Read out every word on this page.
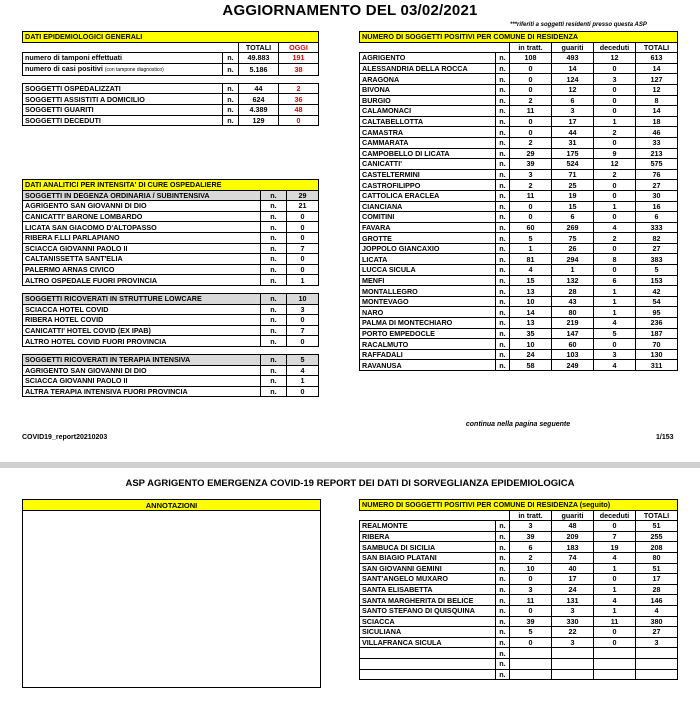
AGGIORNAMENTO DEL 03/02/2021
***riferiti a soggetti residenti presso questa ASP
DATI EPIDEMIOLOGICI GENERALI			
		TOTALI	OGGI
numero di tamponi effettuati	n.	49.883	191
numero di casi positivi (con tampone diagnostico)	n.	5.186	38

SOGGETTI OSPEDALIZZATI	n.	44	2
SOGGETTI ASSISTITI A DOMICILIO	n.	624	36
SOGGETTI GUARITI	n.	4.389	48
SOGGETTI DECEDUTI	n.	129	0
DATI ANALITICI PER INTENSITA' DI CURE OSPEDALIERE		
SOGGETTI IN DEGENZA ORDINARIA / SUBINTENSIVA	n.	29
AGRIGENTO SAN GIOVANNI DI DIO	n.	21
CANICATTI' BARONE LOMBARDO	n.	0
LICATA SAN GIACOMO D'ALTOPASSO	n.	0
RIBERA F.LLI PARLAPIANO	n.	0
SCIACCA GIOVANNI PAOLO II	n.	7
CALTANISSETTA SANT'ELIA	n.	0
PALERMO ARNAS CIVICO	n.	0
ALTRO OSPEDALE FUORI PROVINCIA	n.	1

SOGGETTI RICOVERATI IN STRUTTURE LOWCARE	n.	10
SCIACCA HOTEL COVID	n.	3
RIBERA HOTEL COVID	n.	0
CANICATTI' HOTEL COVID (EX IPAB)	n.	7
ALTRO HOTEL COVID FUORI PROVINCIA	n.	0

SOGGETTI RICOVERATI IN TERAPIA INTENSIVA	n.	5
AGRIGENTO SAN GIOVANNI DI DIO	n.	4
SCIACCA GIOVANNI PAOLO II	n.	1
ALTRA TERAPIA INTENSIVA FUORI PROVINCIA	n.	0
COVID19_report20210203	1/153
NUMERO DI SOGGETTI POSITIVI PER COMUNE DI RESIDENZA					
		in tratt.	guariti	deceduti	TOTALI
AGRIGENTO	n.	108	493	12	613
ALESSANDRIA DELLA ROCCA	n.	0	14	0	14
ARAGONA	n.	0	124	3	127
BIVONA	n.	0	12	0	12
BURGIO	n.	2	6	0	8
CALAMONACI	n.	11	3	0	14
CALTABELLOTTA	n.	0	17	1	18
CAMASTRA	n.	0	44	2	46
CAMMARATA	n.	2	31	0	33
CAMPOBELLO DI LICATA	n.	29	175	9	213
CANICATTI'	n.	39	524	12	575
CASTELTERMINI	n.	3	71	2	76
CASTROFILIPPO	n.	2	25	0	27
CATTOLICA ERACLEA	n.	11	19	0	30
CIANCIANA	n.	0	15	1	16
COMITINI	n.	0	6	0	6
FAVARA	n.	60	269	4	333
GROTTE	n.	5	75	2	82
JOPPOLO GIANCAXIO	n.	1	26	0	27
LICATA	n.	81	294	8	383
LUCCA SICULA	n.	4	1	0	5
MENFI	n.	15	132	6	153
MONTALLEGRO	n.	13	28	1	42
MONTEVAGO	n.	10	43	1	54
NARO	n.	14	80	1	95
PALMA DI MONTECHIARO	n.	13	219	4	236
PORTO EMPEDOCLE	n.	35	147	5	187
RACALMUTO	n.	10	60	0	70
RAFFADALI	n.	24	103	3	130
RAVANUSA	n.	58	249	4	311
continua nella pagina seguente
ASP AGRIGENTO EMERGENZA COVID-19 REPORT DEI DATI DI SORVEGLIANZA EPIDEMIOLOGICA
ANNOTAZIONI	NUMERO DI SOGGETTI POSITIVI PER COMUNE DI RESIDENZA (seguito)					
		in tratt.	guariti	deceduti	TOTALI
REALMONTE	n.	3	48	0	51
RIBERA	n.	39	209	7	255
SAMBUCA DI SICILIA	n.	6	183	19	208
SAN BIAGIO PLATANI	n.	2	74	4	80
SAN GIOVANNI GEMINI	n.	10	40	1	51
SANT'ANGELO MUXARO	n.	0	17	0	17
SANTA ELISABETTA	n.	3	24	1	28
SANTA MARGHERITA DI BELICE	n.	11	131	4	146
SANTO STEFANO DI QUISQUINA	n.	0	3	1	4
SCIACCA	n.	39	330	11	380
SICULIANA	n.	5	22	0	27
VILLAFRANCA SICULA	n.	0	3	0	3
	n.				
	n.				
	n.				
